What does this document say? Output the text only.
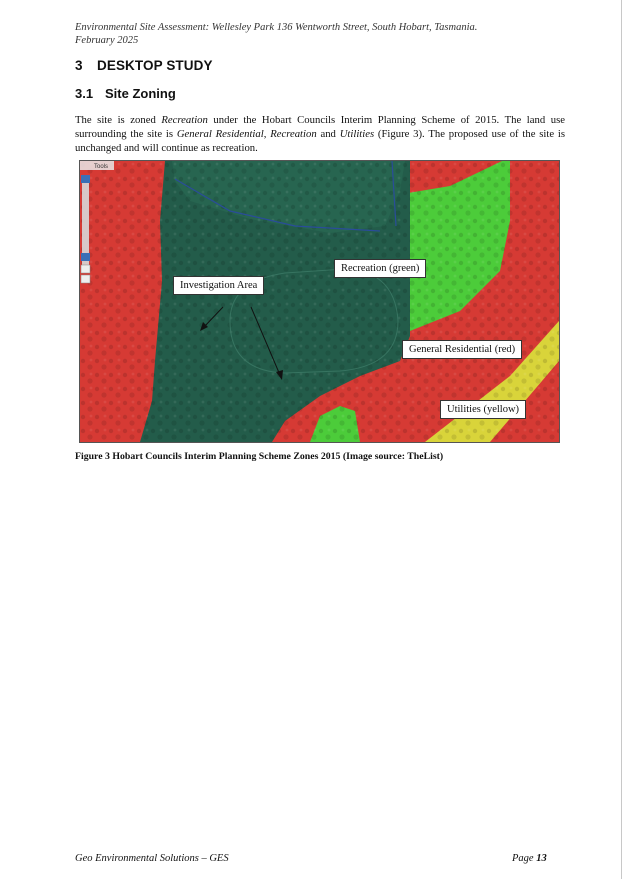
Environmental Site Assessment: Wellesley Park 136 Wentworth Street, South Hobart, Tasmania.
February 2025
3 DESKTOP STUDY
3.1 Site Zoning
The site is zoned Recreation under the Hobart Councils Interim Planning Scheme of 2015. The land use surrounding the site is General Residential, Recreation and Utilities (Figure 3). The proposed use of the site is unchanged and will continue as recreation.
Tools
Investigation Area
Recreation (green)
General Residential (red)
Utilities (yellow)
Figure 3 Hobart Councils Interim Planning Scheme Zones 2015 (Image source: TheList)
Geo Environmental Solutions – GES	Page 13
